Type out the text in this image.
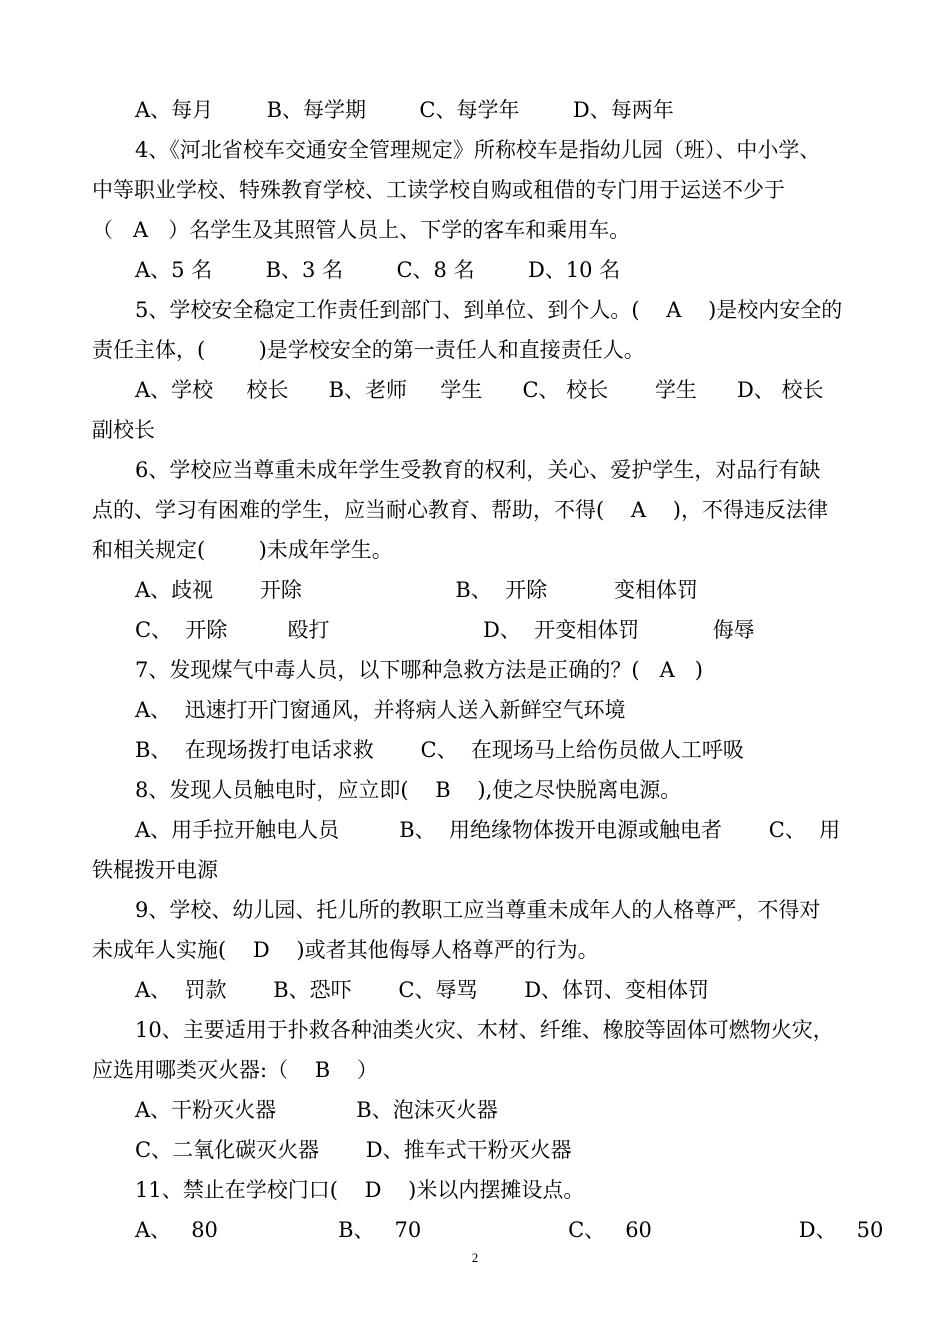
A、每月        B、每学期        C、每学年        D、每两年
4、《河北省校车交通安全管理规定》所称校车是指幼儿园（班）、中小学、
中等职业学校、特殊教育学校、工读学校自购或租借的专门用于运送不少于
（   A   ）名学生及其照管人员上、下学的客车和乘用车。
A、5 名        B、3 名        C、8 名        D、10 名
5、学校安全稳定工作责任到部门、到单位、到个人。(    A    )是校内安全的
责任主体，(        )是学校安全的第一责任人和直接责任人。
A、学校     校长      B、老师     学生      C、 校长       学生      D、 校长
副校长
6、学校应当尊重未成年学生受教育的权利，关心、爱护学生，对品行有缺
点的、学习有困难的学生，应当耐心教育、帮助，不得(    A    )，不得违反法律
和相关规定(        )未成年学生。
A、歧视       开除                       B、  开除          变相体罚
C、  开除         殴打                       D、  开变相体罚           侮辱
7、发现煤气中毒人员，以下哪种急救方法是正确的？(   A   )
A、  迅速打开门窗通风，并将病人送入新鲜空气环境
B、  在现场拨打电话求救       C、  在现场马上给伤员做人工呼吸
8、发现人员触电时，应立即(    B    ),使之尽快脱离电源。
A、用手拉开触电人员         B、  用绝缘物体拨开电源或触电者       C、  用
铁棍拨开电源
9、学校、幼儿园、托儿所的教职工应当尊重未成年人的人格尊严，不得对
未成年人实施(    D    )或者其他侮辱人格尊严的行为。
A、  罚款       B、恐吓       C、辱骂       D、体罚、变相体罚
10、主要适用于扑救各种油类火灾、木材、纤维、橡胶等固体可燃物火灾，
应选用哪类灭火器:（    B    ）
A、干粉灭火器            B、泡沫灭火器
C、二氧化碳灭火器       D、推车式干粉灭火器
11、禁止在学校门口(    D    )米以内摆摊设点。
A、   80                  B、   70                      C、   60                      D、   50
2
